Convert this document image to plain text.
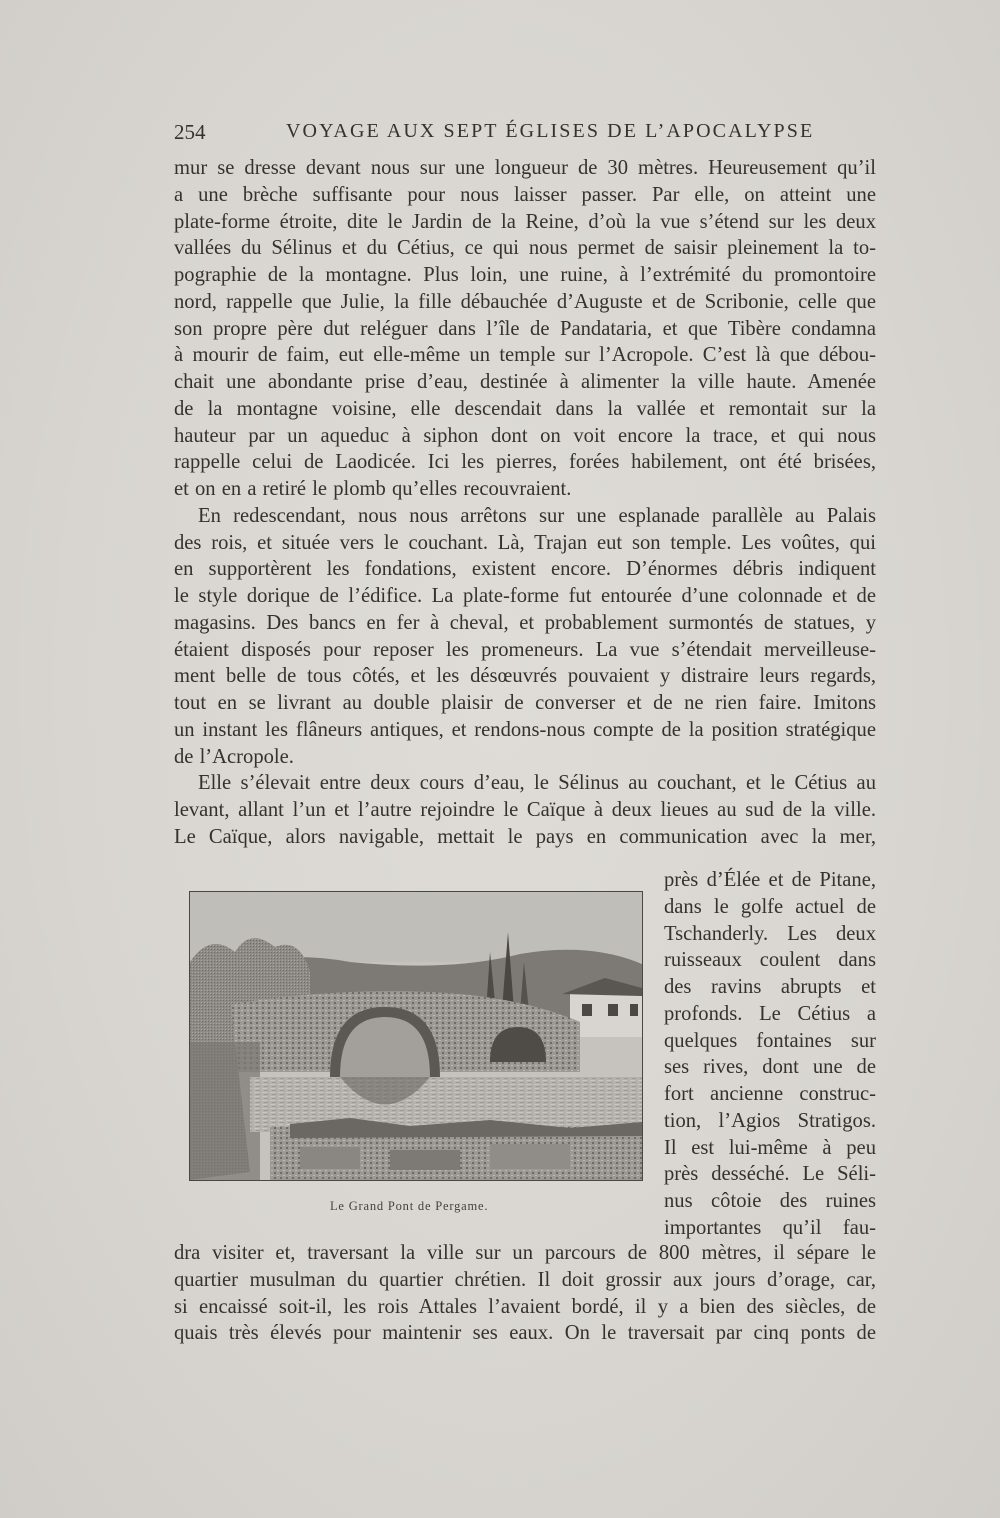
254	VOYAGE AUX SEPT ÉGLISES DE L’APOCALYPSE
mur se dresse devant nous sur une longueur de 30 mètres. Heureusement qu’il
a une brèche suffisante pour nous laisser passer. Par elle, on atteint une
plate-forme étroite, dite le Jardin de la Reine, d’où la vue s’étend sur les deux
vallées du Sélinus et du Cétius, ce qui nous permet de saisir pleinement la to-
pographie de la montagne. Plus loin, une ruine, à l’extrémité du promontoire
nord, rappelle que Julie, la fille débauchée d’Auguste et de Scribonie, celle que
son propre père dut reléguer dans l’île de Pandataria, et que Tibère condamna
à mourir de faim, eut elle-même un temple sur l’Acropole. C’est là que débou-
chait une abondante prise d’eau, destinée à alimenter la ville haute. Amenée
de la montagne voisine, elle descendait dans la vallée et remontait sur la
hauteur par un aqueduc à siphon dont on voit encore la trace, et qui nous
rappelle celui de Laodicée. Ici les pierres, forées habilement, ont été brisées,
et on en a retiré le plomb qu’elles recouvraient.
En redescendant, nous nous arrêtons sur une esplanade parallèle au Palais
des rois, et située vers le couchant. Là, Trajan eut son temple. Les voûtes, qui
en supportèrent les fondations, existent encore. D’énormes débris indiquent
le style dorique de l’édifice. La plate-forme fut entourée d’une colonnade et de
magasins. Des bancs en fer à cheval, et probablement surmontés de statues, y
étaient disposés pour reposer les promeneurs. La vue s’étendait merveilleuse-
ment belle de tous côtés, et les désœuvrés pouvaient y distraire leurs regards,
tout en se livrant au double plaisir de converser et de ne rien faire. Imitons
un instant les flâneurs antiques, et rendons-nous compte de la position stratégique
de l’Acropole.
Elle s’élevait entre deux cours d’eau, le Sélinus au couchant, et le Cétius au
levant, allant l’un et l’autre rejoindre le Caïque à deux lieues au sud de la ville.
Le Caïque, alors navigable, mettait le pays en communication avec la mer,
Le Grand Pont de Pergame.
près d’Élée et de Pitane,
dans le golfe actuel de
Tschanderly. Les deux
ruisseaux coulent dans
des ravins abrupts et
profonds. Le Cétius a
quelques fontaines sur
ses rives, dont une de
fort ancienne construc-
tion, l’Agios Stratigos.
Il est lui-même à peu
près desséché. Le Séli-
nus côtoie des ruines
importantes qu’il fau-
dra visiter et, traversant la ville sur un parcours de 800 mètres, il sépare le
quartier musulman du quartier chrétien. Il doit grossir aux jours d’orage, car,
si encaissé soit-il, les rois Attales l’avaient bordé, il y a bien des siècles, de
quais très élevés pour maintenir ses eaux. On le traversait par cinq ponts de
